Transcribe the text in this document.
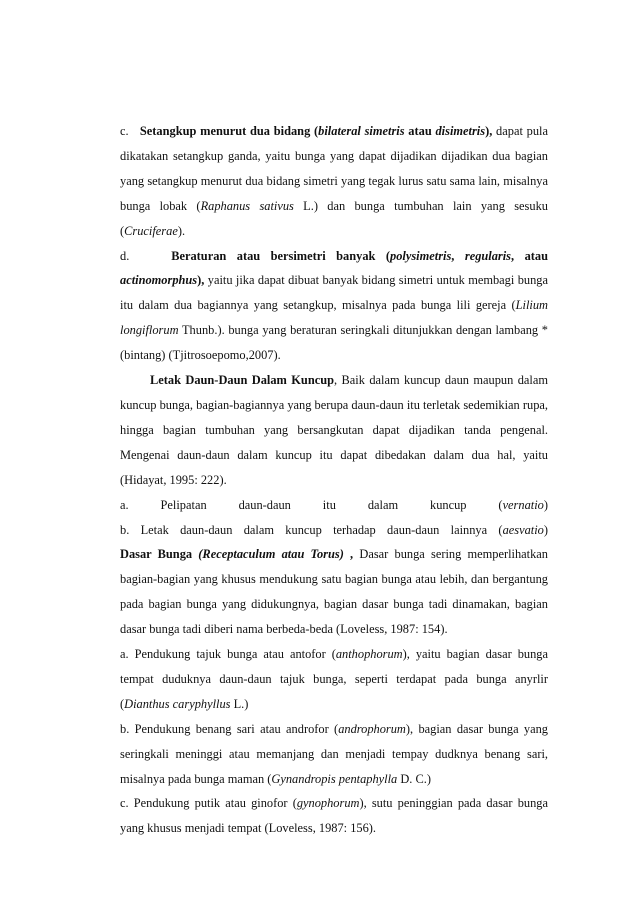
c. Setangkup menurut dua bidang (bilateral simetris atau disimetris), dapat pula dikatakan setangkup ganda, yaitu bunga yang dapat dijadikan dijadikan dua bagian yang setangkup menurut dua bidang simetri yang tegak lurus satu sama lain, misalnya bunga lobak (Raphanus sativus L.) dan bunga tumbuhan lain yang sesuku (Cruciferae).

d.	Beraturan atau bersimetri banyak (polysimetris, regularis, atau actinomorphus), yaitu jika dapat dibuat banyak bidang simetri untuk membagi bunga itu dalam dua bagiannya yang setangkup, misalnya pada bunga lili gereja (Lilium longiflorum Thunb.). bunga yang beraturan seringkali ditunjukkan dengan lambang * (bintang) (Tjitrosoepomo,2007).

Letak Daun-Daun Dalam Kuncup, Baik dalam kuncup daun maupun dalam kuncup bunga, bagian-bagiannya yang berupa daun-daun itu terletak sedemikian rupa, hingga bagian tumbuhan yang bersangkutan dapat dijadikan tanda pengenal. Mengenai daun-daun dalam kuncup itu dapat dibedakan dalam dua hal, yaitu (Hidayat, 1995: 222).

a. Pelipatan daun-daun itu dalam kuncup (vernatio)

b. Letak daun-daun dalam kuncup terhadap daun-daun lainnya (aesvatio)

Dasar Bunga (Receptaculum atau Torus) , Dasar bunga sering memperlihatkan bagian-bagian yang khusus mendukung satu bagian bunga atau lebih, dan bergantung pada bagian bunga yang didukungnya, bagian dasar bunga tadi dinamakan, bagian dasar bunga tadi diberi nama berbeda-beda (Loveless, 1987: 154).

a. Pendukung tajuk bunga atau antofor (anthophorum), yaitu bagian dasar bunga tempat duduknya daun-daun tajuk bunga, seperti terdapat pada bunga anyrlir (Dianthus caryphyllus L.)

b. Pendukung benang sari atau androfor (androphorum), bagian dasar bunga yang seringkali meninggi atau memanjang dan menjadi tempay dudknya benang sari, misalnya pada bunga maman (Gynandropis pentaphylla D. C.)

c. Pendukung putik atau ginofor (gynophorum), sutu peninggian pada dasar bunga yang khusus menjadi tempat (Loveless, 1987: 156).
